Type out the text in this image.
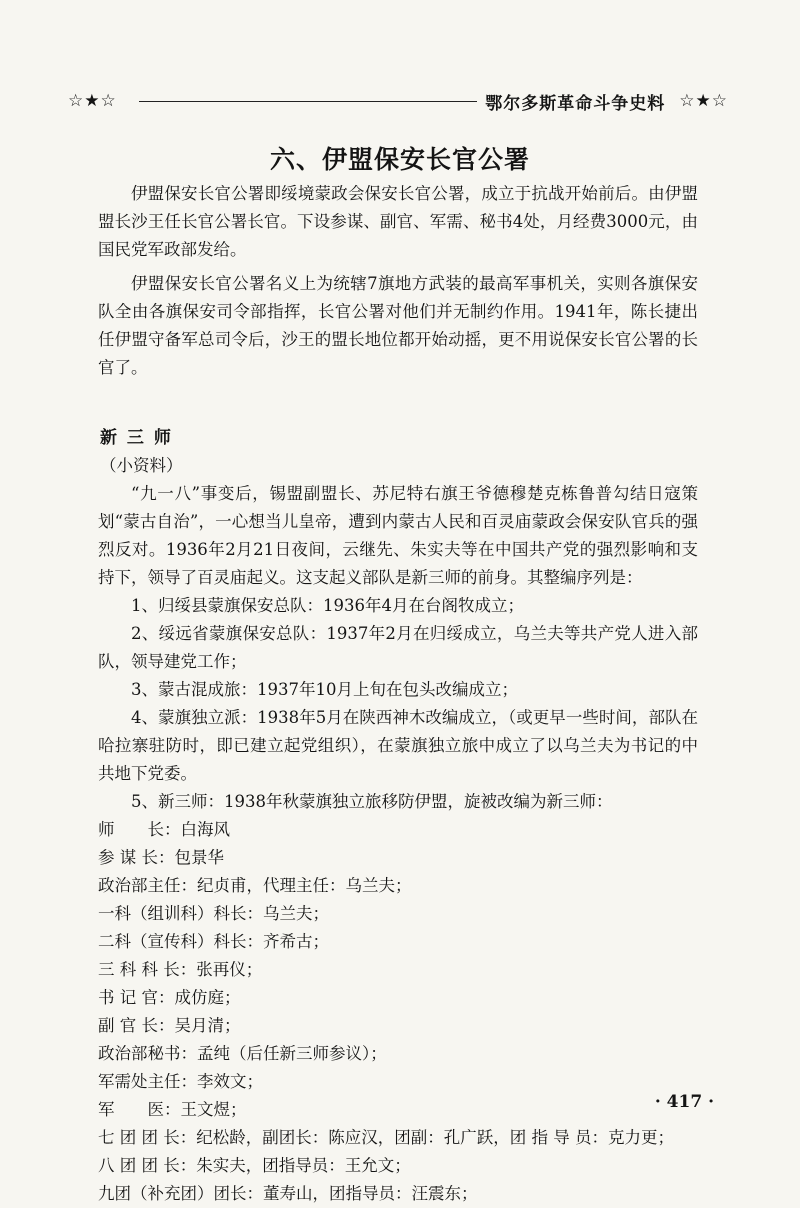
☆★☆	鄂尔多斯革命斗争史料 ☆★☆
六、伊盟保安长官公署

伊盟保安长官公署即绥境蒙政会保安长官公署，成立于抗战开始前后。由伊盟盟长沙王任长官公署长官。下设参谋、副官、军需、秘书4处，月经费3000元，由国民党军政部发给。

伊盟保安长官公署名义上为统辖7旗地方武装的最高军事机关，实则各旗保安队全由各旗保安司令部指挥，长官公署对他们并无制约作用。1941年，陈长捷出任伊盟守备军总司令后，沙王的盟长地位都开始动摇，更不用说保安长官公署的长官了。

新 三 师
（小资料）

“九一八”事变后，锡盟副盟长、苏尼特右旗王爷德穆楚克栋鲁普勾结日寇策划“蒙古自治”，一心想当儿皇帝，遭到内蒙古人民和百灵庙蒙政会保安队官兵的强烈反对。1936年2月21日夜间，云继先、朱实夫等在中国共产党的强烈影响和支持下，领导了百灵庙起义。这支起义部队是新三师的前身。其整编序列是：

1、归绥县蒙旗保安总队：1936年4月在台阁牧成立；

2、绥远省蒙旗保安总队：1937年2月在归绥成立，乌兰夫等共产党人进入部队，领导建党工作；

3、蒙古混成旅：1937年10月上旬在包头改编成立；

4、蒙旗独立派：1938年5月在陕西神木改编成立，（或更早一些时间，部队在哈拉寨驻防时，即已建立起党组织），在蒙旗独立旅中成立了以乌兰夫为书记的中共地下党委。

5、新三师：1938年秋蒙旗独立旅移防伊盟，旋被改编为新三师：

师　　长：白海风
参 谋 长：包景华
政治部主任：纪贞甫，代理主任：乌兰夫；
一科（组训科）科长：乌兰夫；
二科（宣传科）科长：齐希古；
三 科 科 长：张再仪；
书 记 官：成仿庭；
副 官 长：吴月清；
政治部秘书：孟纯（后任新三师参议）；
军需处主任：李效文；
军　　医：王文煜；
七 团 团 长：纪松龄，副团长：陈应汉，团副：孔广跃，团 指 导 员：克力更；
八 团 团 长：朱实夫，团指导员：王允文；
九团（补充团）团长：董寿山，团指导员：汪震东；
· 417 ·
